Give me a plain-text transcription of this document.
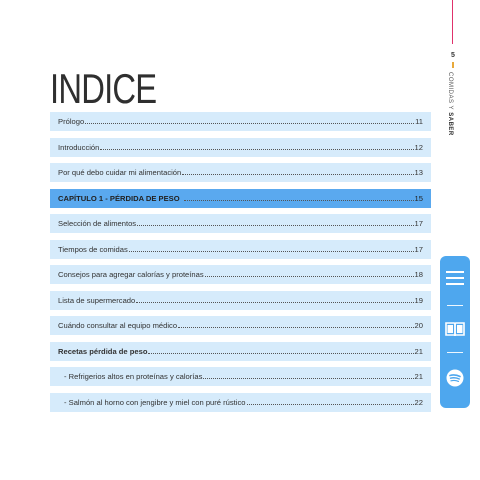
5
COMIDAS Y SABER
INDICE
Prólogo	11
Introducción	12
Por qué debo cuidar mi alimentación	13
CAPÍTULO 1 - PÉRDIDA DE PESO	15
Selección de alimentos	17
Tiempos de comidas	17
Consejos para agregar calorías y proteínas	18
Lista de supermercado	19
Cuándo consultar al equipo médico	20
Recetas pérdida de peso	21
- Refrigerios altos en proteínas y calorías	21
- Salmón al horno con jengibre y miel con puré rústico	22
